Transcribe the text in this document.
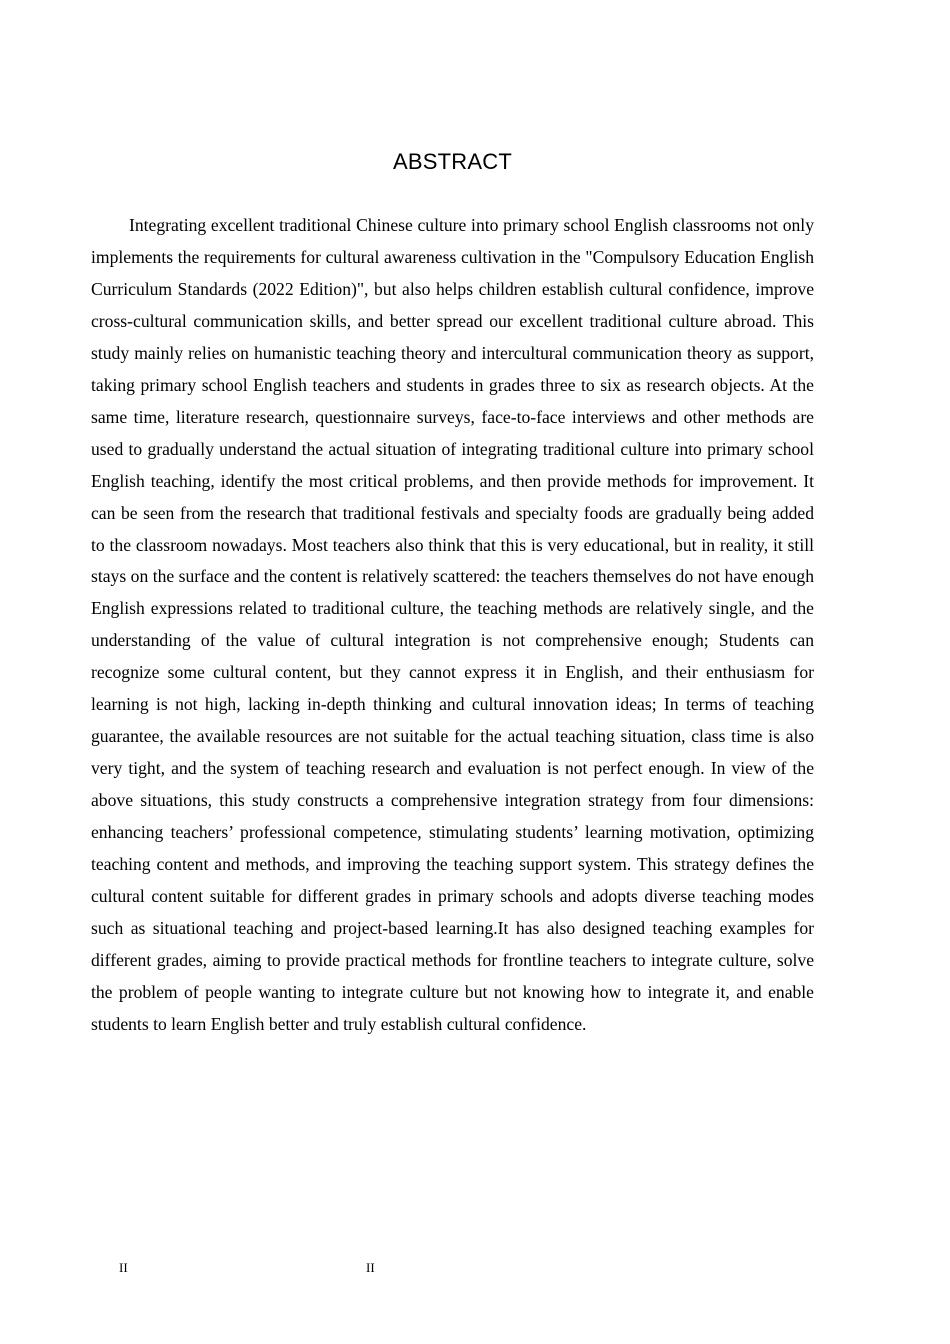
ABSTRACT

Integrating excellent traditional Chinese culture into primary school English classrooms not only implements the requirements for cultural awareness cultivation in the "Compulsory Education English Curriculum Standards (2022 Edition)", but also helps children establish cultural confidence, improve cross-cultural communication skills, and better spread our excellent traditional culture abroad. This study mainly relies on humanistic teaching theory and intercultural communication theory as support, taking primary school English teachers and students in grades three to six as research objects. At the same time, literature research, questionnaire surveys, face-to-face interviews and other methods are used to gradually understand the actual situation of integrating traditional culture into primary school English teaching, identify the most critical problems, and then provide methods for improvement. It can be seen from the research that traditional festivals and specialty foods are gradually being added to the classroom nowadays. Most teachers also think that this is very educational, but in reality, it still stays on the surface and the content is relatively scattered: the teachers themselves do not have enough English expressions related to traditional culture, the teaching methods are relatively single, and the understanding of the value of cultural integration is not comprehensive enough; Students can recognize some cultural content, but they cannot express it in English, and their enthusiasm for learning is not high, lacking in-depth thinking and cultural innovation ideas; In terms of teaching guarantee, the available resources are not suitable for the actual teaching situation, class time is also very tight, and the system of teaching research and evaluation is not perfect enough. In view of the above situations, this study constructs a comprehensive integration strategy from four dimensions: enhancing teachers’ professional competence, stimulating students’ learning motivation, optimizing teaching content and methods, and improving the teaching support system. This strategy defines the cultural content suitable for different grades in primary schools and adopts diverse teaching modes such as situational teaching and project-based learning.It has also designed teaching examples for different grades, aiming to provide practical methods for frontline teachers to integrate culture, solve the problem of people wanting to integrate culture but not knowing how to integrate it, and enable students to learn English better and truly establish cultural confidence.

II	II
